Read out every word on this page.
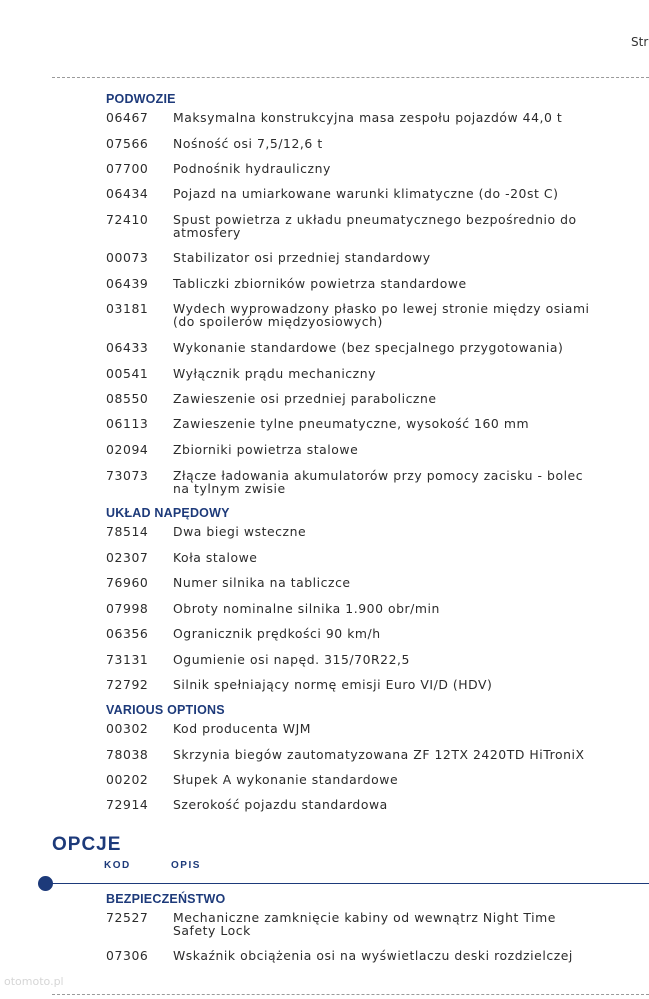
Str
PODWOZIE
06467 Maksymalna konstrukcyjna masa zespołu pojazdów 44,0 t
07566 Nośność osi 7,5/12,6 t
07700 Podnośnik hydrauliczny
06434 Pojazd na umiarkowane warunki klimatyczne (do -20st C)
72410 Spust powietrza z układu pneumatycznego bezpośrednio do atmosfery
00073 Stabilizator osi przedniej standardowy
06439 Tabliczki zbiorników powietrza standardowe
03181 Wydech wyprowadzony płasko po lewej stronie między osiami (do spoilerów międzyosiowych)
06433 Wykonanie standardowe (bez specjalnego przygotowania)
00541 Wyłącznik prądu mechaniczny
08550 Zawieszenie osi przedniej paraboliczne
06113 Zawieszenie tylne pneumatyczne, wysokość 160 mm
02094 Zbiorniki powietrza stalowe
73073 Złącze ładowania akumulatorów przy pomocy zacisku - bolec na tylnym zwisie
UKŁAD NAPĘDOWY
78514 Dwa biegi wsteczne
02307 Koła stalowe
76960 Numer silnika na tabliczce
07998 Obroty nominalne silnika 1.900 obr/min
06356 Ogranicznik prędkości 90 km/h
73131 Ogumienie osi napęd. 315/70R22,5
72792 Silnik spełniający normę emisji Euro VI/D (HDV)
VARIOUS OPTIONS
00302 Kod producenta WJM
78038 Skrzynia biegów zautomatyzowana ZF 12TX 2420TD HiTroniX
00202 Słupek A wykonanie standardowe
72914 Szerokość pojazdu standardowa
OPCJE
KOD	OPIS
BEZPIECZEŃSTWO
72527 Mechaniczne zamknięcie kabiny od wewnątrz Night Time Safety Lock
07306 Wskaźnik obciążenia osi na wyświetlaczu deski rozdzielczej
otomoto.pl
